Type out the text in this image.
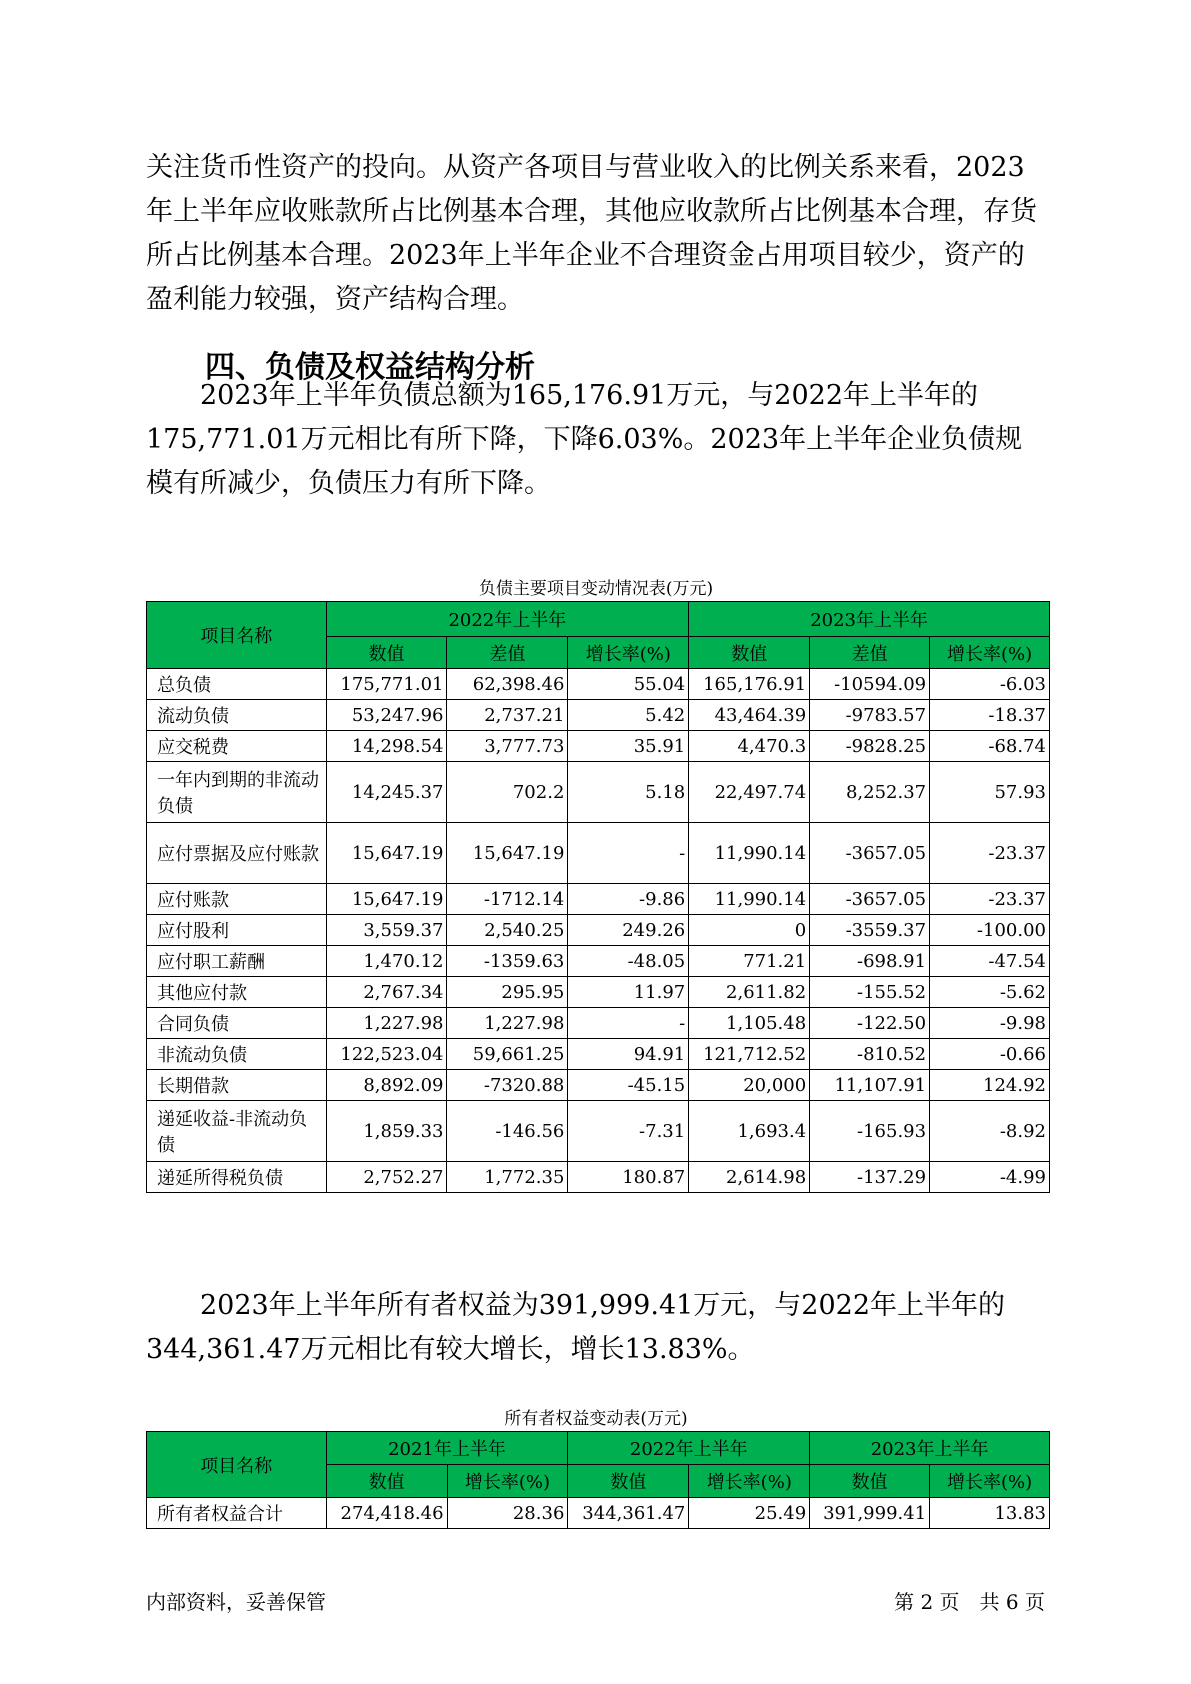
关注货币性资产的投向。从资产各项目与营业收入的比例关系来看，2023年上半年应收账款所占比例基本合理，其他应收款所占比例基本合理，存货所占比例基本合理。2023年上半年企业不合理资金占用项目较少，资产的盈利能力较强，资产结构合理。

四、负债及权益结构分析

2023年上半年负债总额为165,176.91万元，与2022年上半年的175,771.01万元相比有所下降，下降6.03%。2023年上半年企业负债规模有所减少，负债压力有所下降。

负债主要项目变动情况表(万元)
项目名称	2022年上半年			2023年上半年		
	数值	差值	增长率(%)	数值	差值	增长率(%)
总负债	175,771.01	62,398.46	55.04	165,176.91	-10594.09	-6.03
流动负债	53,247.96	2,737.21	5.42	43,464.39	-9783.57	-18.37
应交税费	14,298.54	3,777.73	35.91	4,470.3	-9828.25	-68.74
一年内到期的非流动负债	14,245.37	702.2	5.18	22,497.74	8,252.37	57.93
应付票据及应付账款	15,647.19	15,647.19	-	11,990.14	-3657.05	-23.37
应付账款	15,647.19	-1712.14	-9.86	11,990.14	-3657.05	-23.37
应付股利	3,559.37	2,540.25	249.26	0	-3559.37	-100.00
应付职工薪酬	1,470.12	-1359.63	-48.05	771.21	-698.91	-47.54
其他应付款	2,767.34	295.95	11.97	2,611.82	-155.52	-5.62
合同负债	1,227.98	1,227.98	-	1,105.48	-122.50	-9.98
非流动负债	122,523.04	59,661.25	94.91	121,712.52	-810.52	-0.66
长期借款	8,892.09	-7320.88	-45.15	20,000	11,107.91	124.92
递延收益-非流动负债	1,859.33	-146.56	-7.31	1,693.4	-165.93	-8.92
递延所得税负债	2,752.27	1,772.35	180.87	2,614.98	-137.29	-4.99

2023年上半年所有者权益为391,999.41万元，与2022年上半年的344,361.47万元相比有较大增长，增长13.83%。

所有者权益变动表(万元)
项目名称	2021年上半年		2022年上半年		2023年上半年	
	数值	增长率(%)	数值	增长率(%)	数值	增长率(%)
所有者权益合计	274,418.46	28.36	344,361.47	25.49	391,999.41	13.83
内部资料，妥善保管	第 2 页　共 6 页
